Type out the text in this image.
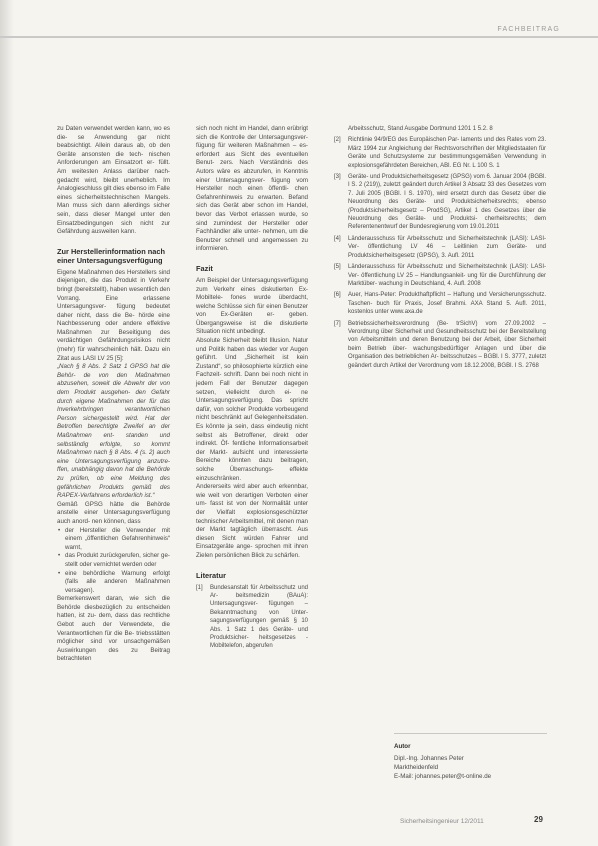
FACHBEITRAG

zu Daten verwendet werden kann, wo es die- se Anwendung gar nicht beabsichtigt. Allein daraus ab, ob den Geräte ansonsten die tech- nischen Anforderungen am Einsatzort er- füllt. Am weitesten Anlass darüber nach- gedacht wird, bleibt unerheblich. Im Analogieschluss gilt dies ebenso im Falle eines sicherheitstechnischen Mangels. Man muss sich dann allerdings sicher sein, dass dieser Mangel unter den Einsatzbedingungen sich nicht zur Gefährdung ausweiten kann.

Zur Herstellerinformation nach einer Untersagungsverfügung

Eigene Maßnahmen des Herstellers sind diejenigen, die das Produkt in Verkehr bringt (bereitstellt), haben wesentlich den Vorrang. Eine erlassene Untersagungsver- fügung bedeutet daher nicht, dass die Be- hörde eine Nachbesserung oder andere effektive Maßnahmen zur Beseitigung des verdächtigen Gefährdungsrisikos nicht (mehr) für wahrscheinlich hält. Dazu ein Zitat aus LASI LV 25 [5]:

„Nach § 8 Abs. 2 Satz 1 GPSG hat die Behör- de von den Maßnahmen abzusehen, soweit die Abwehr der von dem Produkt ausgehen- den Gefahr durch eigene Maßnahmen der für das Inverkehrbringen verantwortlichen Person sichergestellt wird. Hat der Betroffen berechtigte Zweifel an der Maßnahmen ent- standen und selbständig erfolgte, so kommt Maßnahmen nach § 8 Abs. 4 (s. 2) auch eine Untersagungsverfügung anzutre- ffen, unabhängig davon hat die Behörde zu prüfen, ob eine Meldung des gefährlichen Produkts gemäß des RAPEX-Verfahrens erforderlich ist.“

Gemäß GPSG hätte die Behörde anstelle einer Untersagungsverfügung auch anord- nen können, dass

• der Hersteller die Verwender mit einem „öffentlichen Gefahrenhinweis“ warnt,
• das Produkt zurückgerufen, sicher ge- stellt oder vernichtet werden oder
• eine behördliche Warnung erfolgt (falls alle anderen Maßnahmen versagen).

Bemerkenswert daran, wie sich die Behörde diesbezüglich zu entscheiden hatten, ist zu- dem, dass das rechtliche Gebot auch der Verwendete, die Verantwortlichen für die Be- triebsstätten möglicher sind vor unsachgemäßen Auswirkungen des zu Beitrag betrachteten

sich noch nicht im Handel, dann erübrigt sich die Kontrolle der Untersagungsver- fügung für weiteren Maßnahmen – es- erfordert aus Sicht des eventuellen Benut- zers. Nach Verständnis des Autors wäre es abzurufen, in Kenntnis einer Untersagungsver- fügung vom Hersteller noch einen öffentli- chen Gefahrenhinweis zu erwarten. Befand sich das Gerät aber schon im Handel, bevor das Verbot erlassen wurde, so sind zumindest der Hersteller oder Fachhändler alle unter- nehmen, um die Benutzer schnell und angemessen zu informieren.

Fazit

Am Beispiel der Untersagungsverfügung zum Verkehr eines diskutierten Ex-Mobiltele- fones wurde überdacht, welche Schlüsse sich für einen Benutzer von Ex-Geräten er- geben. Übergangsweise ist die diskutierte Situation nicht unbedingt.

Absolute Sicherheit bleibt Illusion. Natur und Politik haben das wieder vor Augen geführt. Und „Sicherheit ist kein Zustand“, so philosophierte kürzlich eine Fachzeit- schrift. Dann bei noch nicht in jedem Fall der Benutzer dagegen setzen, vielleicht durch ei- ne Untersagungsverfügung. Das spricht dafür, von solcher Produkte vorbeugend nicht beschränkt auf Gelegenheitsdaten. Es könnte ja sein, dass eindeutig nicht selbst als Betroffener, direkt oder indirekt. Öf- fentliche Informationsarbeit der Markt- aufsicht und interessierte Bereiche könnten dazu beitragen, solche Überraschungs- effekte einzuschränken.

Andererseits wird aber auch erkennbar, wie weit von derartigen Verboten einer um- fasst ist von der Normalität unter der Vielfalt explosionsgeschützter technischer Arbeitsmittel, mit denen man der Markt tagtäglich überrascht. Aus diesen Sicht würden Fahrer und Einsatzgeräte ange- sprochen mit ihren Zielen persönlichen Blick zu schärfen.

Literatur
[1]	Bundesanstalt für Arbeitsschutz und Ar- beitsmedizin (BAuA): Untersagungsver- fügungen – Bekanntmachung von Unter- sagungsverfügungen gemäß § 10 Abs. 1 Satz 1 des Geräte- und Produktsicher- heitsgesetzes - Mobiltelefon, abgerufen
Arbeitsschutz, Stand Ausgabe Dortmund 1201 1 5.2. 8
[2]	Richtlinie 94/9/EG des Europäischen Par- laments und des Rates vom 23. März 1994 zur Angleichung der Rechtsvorschriften der Mitgliedstaaten für Geräte und Schutzsysteme zur bestimmungsgemäßen Verwendung in explosionsgefährdeten Bereichen, ABl. EG Nr. L 100 S. 1
[3]	Geräte- und Produktsicherheitsgesetz (GPSG) vom 6. Januar 2004 (BGBl. I S. 2 (219)), zuletzt geändert durch Artikel 3 Absatz 33 des Gesetzes vom 7. Juli 2005 (BGBl. I S. 1970), wird ersetzt durch das Gesetz über die Neuordnung des Geräte- und Produktsicherheitsrechts; ebenso (Produktsicherheitsgesetz – ProdSG), Artikel 1 des Gesetzes über die Neuordnung des Geräte- und Produktsi- cherheitsrechts; dem Referentenentwurf der Bundesregierung vom 19.01.2011
[4]	Länderausschuss für Arbeitsschutz und Sicherheitstechnik (LASI): LASI-Ver- öffentlichung LV 46 – Leitlinien zum Geräte- und Produktsicherheitsgesetz (GPSG), 3. Aufl. 2011
[5]	Länderausschuss für Arbeitsschutz und Sicherheitstechnik (LASI): LASI-Ver- öffentlichung LV 25 – Handlungsanleit- ung für die Durchführung der Marktüber- wachung in Deutschland, 4. Aufl. 2008
[6]	Auer, Hans-Peter: Produkthaftpflicht – Haftung und Versicherungsschutz. Taschen- buch für Praxis, Josef Brahmi. AXA Stand 5. Aufl. 2011, kostenlos unter www.axa.de
[7]	Betriebssicherheitsverordnung (Be- trSichV) vom 27.09.2002 – Verordnung über Sicherheit und Gesundheitsschutz bei der Bereitstellung von Arbeitsmitteln und deren Benutzung bei der Arbeit, über Sicherheit beim Betrieb über- wachungsbedürftiger Anlagen und über die Organisation des betrieblichen Ar- beitsschutzes – BGBl. I S. 3777, zuletzt geändert durch Artikel der Verordnung vom 18.12.2008, BGBl. I S. 2768
Autor
Dipl.-Ing. Johannes Peter
Marktheidenfeld
E-Mail: johannes.peter@t-online.de
Sicherheitsingenieur 12/2011	29
